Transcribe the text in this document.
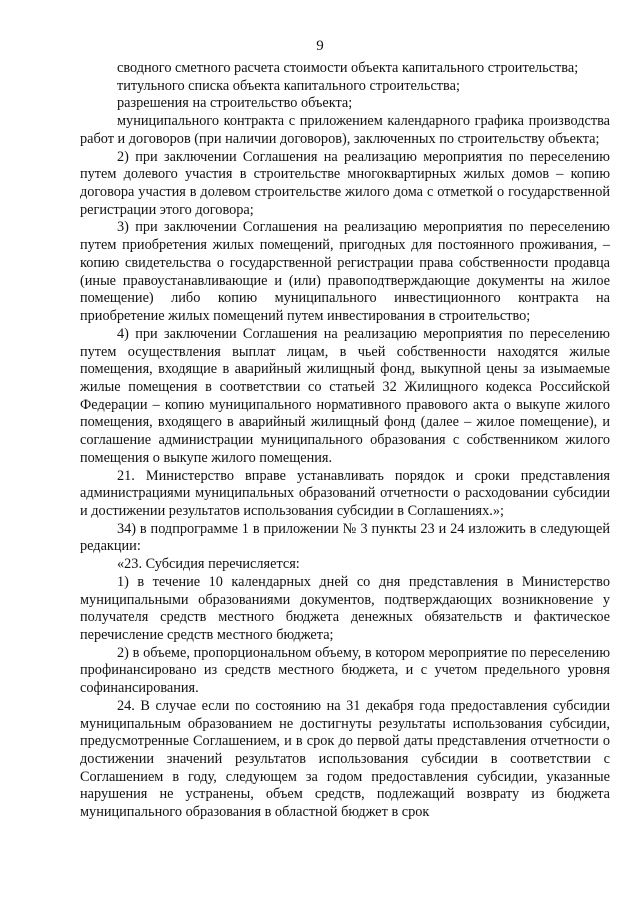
9

сводного сметного расчета стоимости объекта капитального строительства;

титульного списка объекта капитального строительства;

разрешения на строительство объекта;

муниципального контракта с приложением календарного графика производства работ и договоров (при наличии договоров), заключенных по строительству объекта;

2) при заключении Соглашения на реализацию мероприятия по переселению путем долевого участия в строительстве многоквартирных жилых домов – копию договора участия в долевом строительстве жилого дома с отметкой о государственной регистрации этого договора;

3) при заключении Соглашения на реализацию мероприятия по переселению путем приобретения жилых помещений, пригодных для постоянного проживания, – копию свидетельства о государственной регистрации права собственности продавца (иные правоустанавливающие и (или) правоподтверждающие документы на жилое помещение) либо копию муниципального инвестиционного контракта на приобретение жилых помещений путем инвестирования в строительство;

4) при заключении Соглашения на реализацию мероприятия по переселению путем осуществления выплат лицам, в чьей собственности находятся жилые помещения, входящие в аварийный жилищный фонд, выкупной цены за изымаемые жилые помещения в соответствии со статьей 32 Жилищного кодекса Российской Федерации – копию муниципального нормативного правового акта о выкупе жилого помещения, входящего в аварийный жилищный фонд (далее – жилое помещение), и соглашение администрации муниципального образования с собственником жилого помещения о выкупе жилого помещения.

21. Министерство вправе устанавливать порядок и сроки представления администрациями муниципальных образований отчетности о расходовании субсидии и достижении результатов использования субсидии в Соглашениях.»;

34) в подпрограмме 1 в приложении № 3 пункты 23 и 24 изложить в следующей редакции:

«23. Субсидия перечисляется:

1) в течение 10 календарных дней со дня представления в Министерство муниципальными образованиями документов, подтверждающих возникновение у получателя средств местного бюджета денежных обязательств и фактическое перечисление средств местного бюджета;

2) в объеме, пропорциональном объему, в котором мероприятие по переселению профинансировано из средств местного бюджета, и с учетом предельного уровня софинансирования.

24. В случае если по состоянию на 31 декабря года предоставления субсидии муниципальным образованием не достигнуты результаты использования субсидии, предусмотренные Соглашением, и в срок до первой даты представления отчетности о достижении значений результатов использования субсидии в соответствии с Соглашением в году, следующем за годом предоставления субсидии, указанные нарушения не устранены, объем средств, подлежащий возврату из бюджета муниципального образования в областной бюджет в срок
